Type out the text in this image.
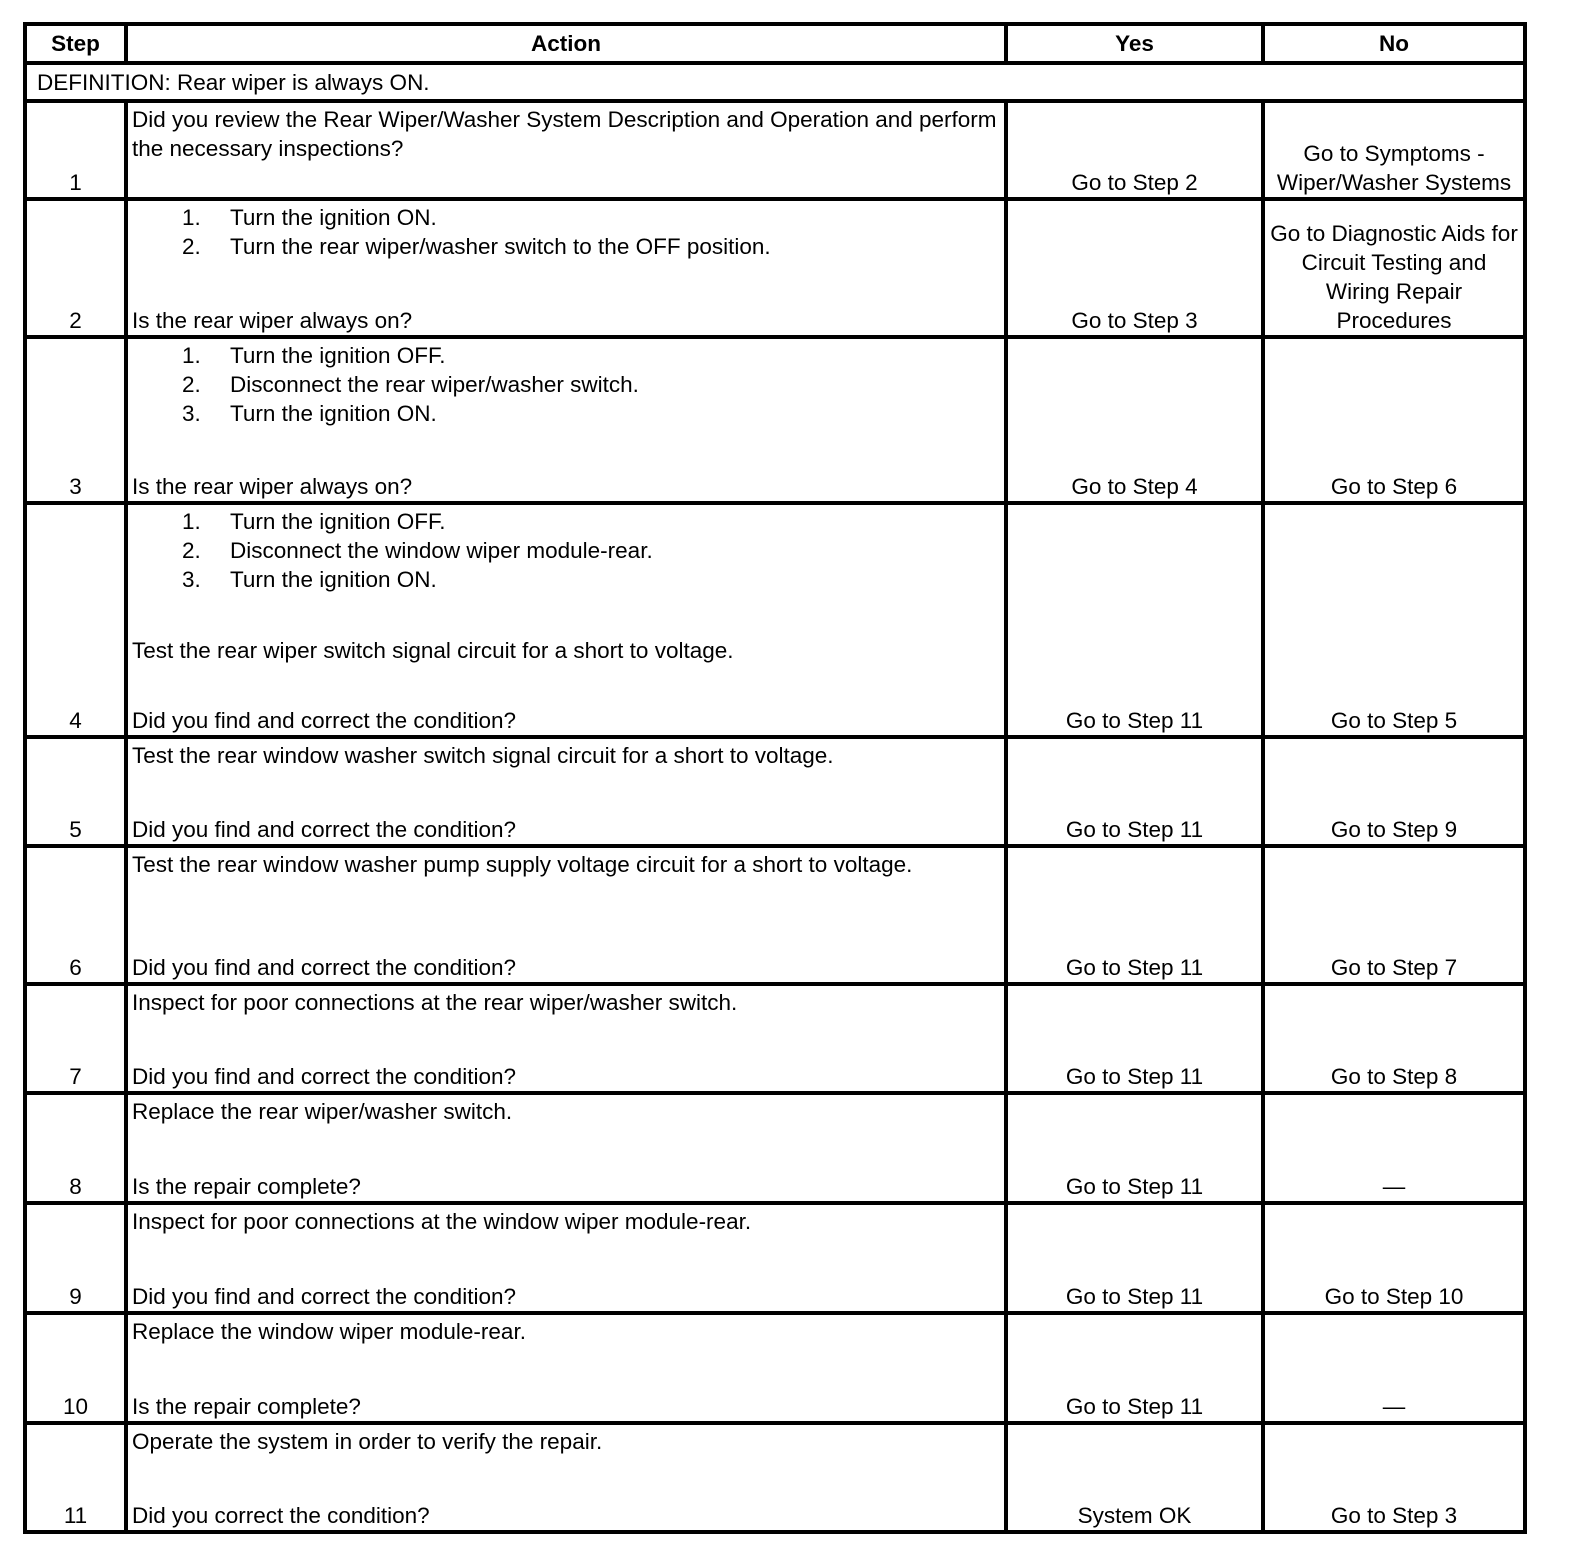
Step	Action	Yes	No
DEFINITION: Rear wiper is always ON.			
1	Did you review the Rear Wiper/Washer System Description and Operation and perform the necessary inspections?	Go to Step 2	Go to Symptoms - Wiper/Washer Systems
2	
1.	Turn the ignition ON.
2.	Turn the rear wiper/washer switch to the OFF position.

Is the rear wiper always on?	Go to Step 3	Go to Diagnostic Aids for Circuit Testing and Wiring Repair Procedures
3	
1.	Turn the ignition OFF.
2.	Disconnect the rear wiper/washer switch.
3.	Turn the ignition ON.

Is the rear wiper always on?	Go to Step 4	Go to Step 6
4	
1.	Turn the ignition OFF.
2.	Disconnect the window wiper module-rear.
3.	Turn the ignition ON.

Test the rear wiper switch signal circuit for a short to voltage.

Did you find and correct the condition?	Go to Step 11	Go to Step 5
5	Test the rear window washer switch signal circuit for a short to voltage.

Did you find and correct the condition?	Go to Step 11	Go to Step 9
6	Test the rear window washer pump supply voltage circuit for a short to voltage.

Did you find and correct the condition?	Go to Step 11	Go to Step 7
7	Inspect for poor connections at the rear wiper/washer switch.

Did you find and correct the condition?	Go to Step 11	Go to Step 8
8	Replace the rear wiper/washer switch.

Is the repair complete?	Go to Step 11	—
9	Inspect for poor connections at the window wiper module-rear.

Did you find and correct the condition?	Go to Step 11	Go to Step 10
10	Replace the window wiper module-rear.

Is the repair complete?	Go to Step 11	—
11	Operate the system in order to verify the repair.

Did you correct the condition?	System OK	Go to Step 3
